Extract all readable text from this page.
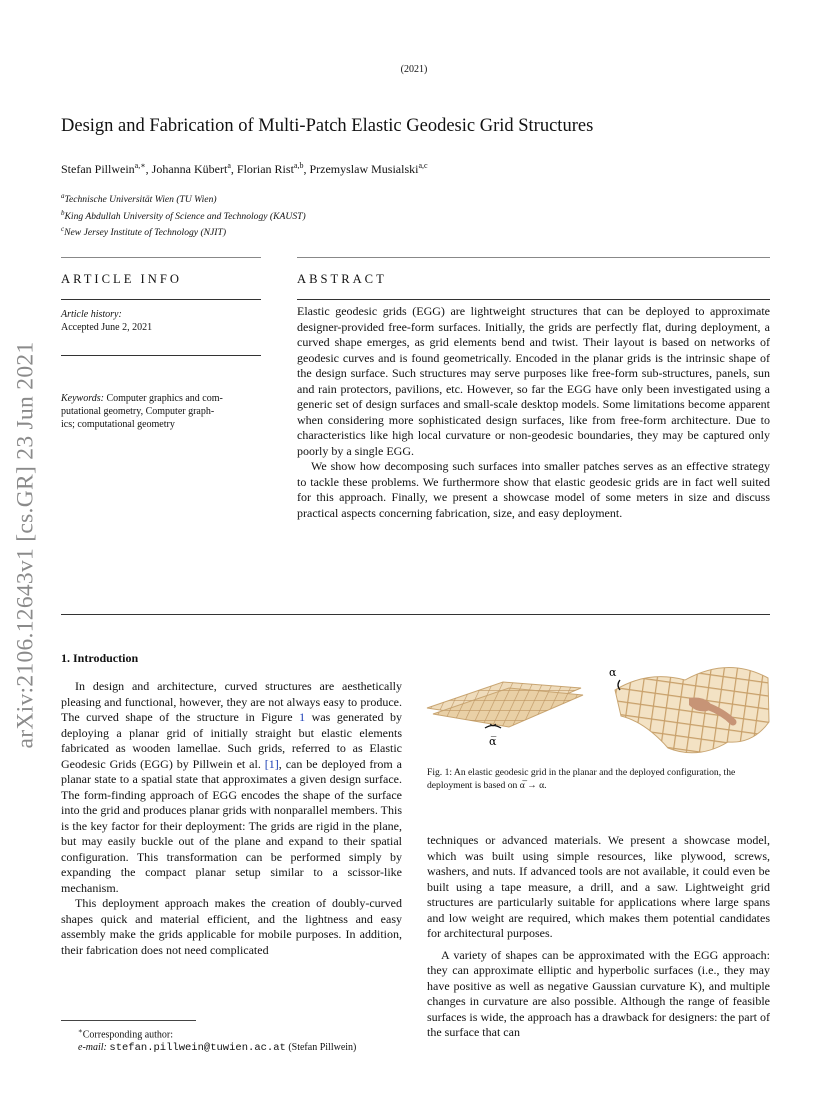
(2021)
Design and Fabrication of Multi-Patch Elastic Geodesic Grid Structures
Stefan Pillwein$^{a,∗}$, Johanna Kübert$^a$, Florian Rist$^{a,b}$, Przemyslaw Musialski$^{a,c}$
$^a$Technische Universität Wien (TU Wien)
$^b$King Abdullah University of Science and Technology (KAUST)
$^c$New Jersey Institute of Technology (NJIT)
ARTICLE INFO	ABSTRACT
Article history:
Accepted June 2, 2021
Keywords: Computer graphics and com-
putational geometry, Computer graph-
ics; computational geometry

Elastic geodesic grids (EGG) are lightweight structures that can be deployed to approximate designer-provided free-form surfaces. Initially, the grids are perfectly flat, during deployment, a curved shape emerges, as grid elements bend and twist. Their layout is based on networks of geodesic curves and is found geometrically. Encoded in the planar grids is the intrinsic shape of the design surface. Such structures may serve purposes like free-form sub-structures, panels, sun and rain protectors, pavilions, etc. However, so far the EGG have only been investigated using a generic set of design surfaces and small-scale desktop models. Some limitations become apparent when considering more sophisticated design surfaces, like from free-form architecture. Due to characteristics like high local curvature or non-geodesic boundaries, they may be captured only poorly by a single EGG.

We show how decomposing such surfaces into smaller patches serves as an effective strategy to tackle these problems. We furthermore show that elastic geodesic grids are in fact well suited for this approach. Finally, we present a showcase model of some meters in size and discuss practical aspects concerning fabrication, size, and easy deployment.

arXiv:2106.12643v1 [cs.GR] 23 Jun 2021 1. Introduction

In design and architecture, curved structures are aesthetically pleasing and functional, however, they are not always easy to produce. The curved shape of the structure in Figure 1 was generated by deploying a planar grid of initially straight but elastic elements fabricated as wooden lamellae. Such grids, referred to as Elastic Geodesic Grids (EGG) by Pillwein et al. [1], can be deployed from a planar state to a spatial state that approximates a given design surface. The form-finding approach of EGG encodes the shape of the surface into the grid and produces planar grids with nonparallel members. This is the key factor for their deployment: The grids are rigid in the plane, but may easily buckle out of the plane and expand to their spatial configuration. This transformation can be performed simply by expanding the compact planar setup similar to a scissor-like mechanism.

This deployment approach makes the creation of doubly-curved shapes quick and material efficient, and the lightness and easy assembly make the grids applicable for mobile purposes. In addition, their fabrication does not need complicated

α̅
α
Fig. 1: An elastic geodesic grid in the planar and the deployed configuration, the deployment is based on α̅ → α.

techniques or advanced materials. We present a showcase model, which was built using simple resources, like plywood, screws, washers, and nuts. If advanced tools are not available, it could even be built using a tape measure, a drill, and a saw. Lightweight grid structures are particularly suitable for applications where large spans and low weight are required, which makes them potential candidates for architectural purposes.

A variety of shapes can be approximated with the EGG approach: they can approximate elliptic and hyperbolic surfaces (i.e., they may have positive as well as negative Gaussian curvature K), and multiple changes in curvature are also possible. Although the range of feasible surfaces is wide, the approach has a drawback for designers: the part of the surface that can

∗Corresponding author:
e-mail: stefan.pillwein@tuwien.ac.at (Stefan Pillwein)
